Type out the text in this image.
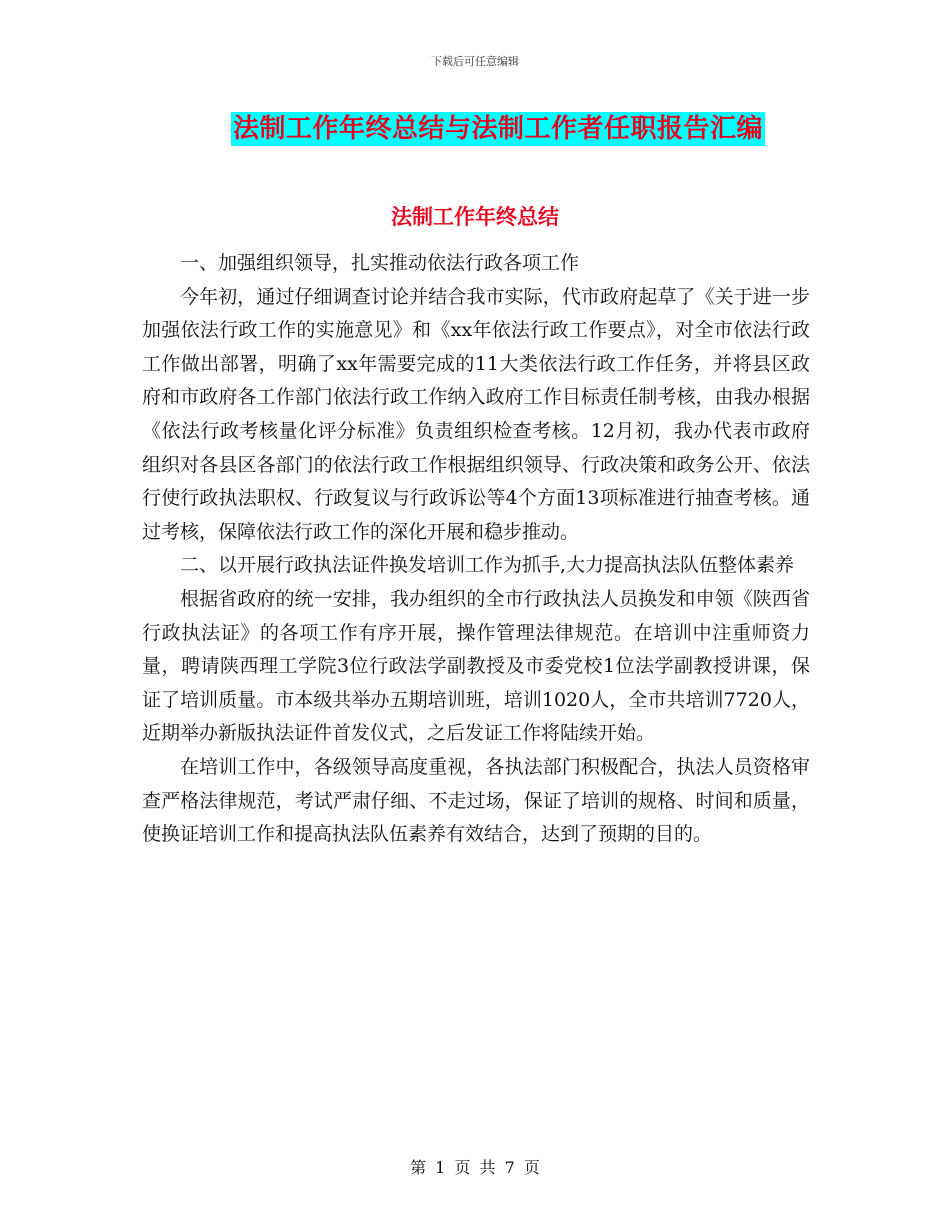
下载后可任意编辑
法制工作年终总结与法制工作者任职报告汇编
法制工作年终总结

一、加强组织领导，扎实推动依法行政各项工作

今年初，通过仔细调查讨论并结合我市实际，代市政府起草了《关于进一步加强依法行政工作的实施意见》和《xx年依法行政工作要点》，对全市依法行政工作做出部署，明确了xx年需要完成的11大类依法行政工作任务，并将县区政府和市政府各工作部门依法行政工作纳入政府工作目标责任制考核，由我办根据《依法行政考核量化评分标准》负责组织检查考核。12月初，我办代表市政府组织对各县区各部门的依法行政工作根据组织领导、行政决策和政务公开、依法行使行政执法职权、行政复议与行政诉讼等4个方面13项标准进行抽查考核。通过考核，保障依法行政工作的深化开展和稳步推动。

二、以开展行政执法证件换发培训工作为抓手,大力提高执法队伍整体素养

根据省政府的统一安排，我办组织的全市行政执法人员换发和申领《陕西省行政执法证》的各项工作有序开展，操作管理法律规范。在培训中注重师资力量，聘请陕西理工学院3位行政法学副教授及市委党校1位法学副教授讲课，保证了培训质量。市本级共举办五期培训班，培训1020人，全市共培训7720人，近期举办新版执法证件首发仪式，之后发证工作将陆续开始。

在培训工作中，各级领导高度重视，各执法部门积极配合，执法人员资格审查严格法律规范，考试严肃仔细、不走过场，保证了培训的规格、时间和质量，使换证培训工作和提高执法队伍素养有效结合，达到了预期的目的。

第 1 页 共 7 页
